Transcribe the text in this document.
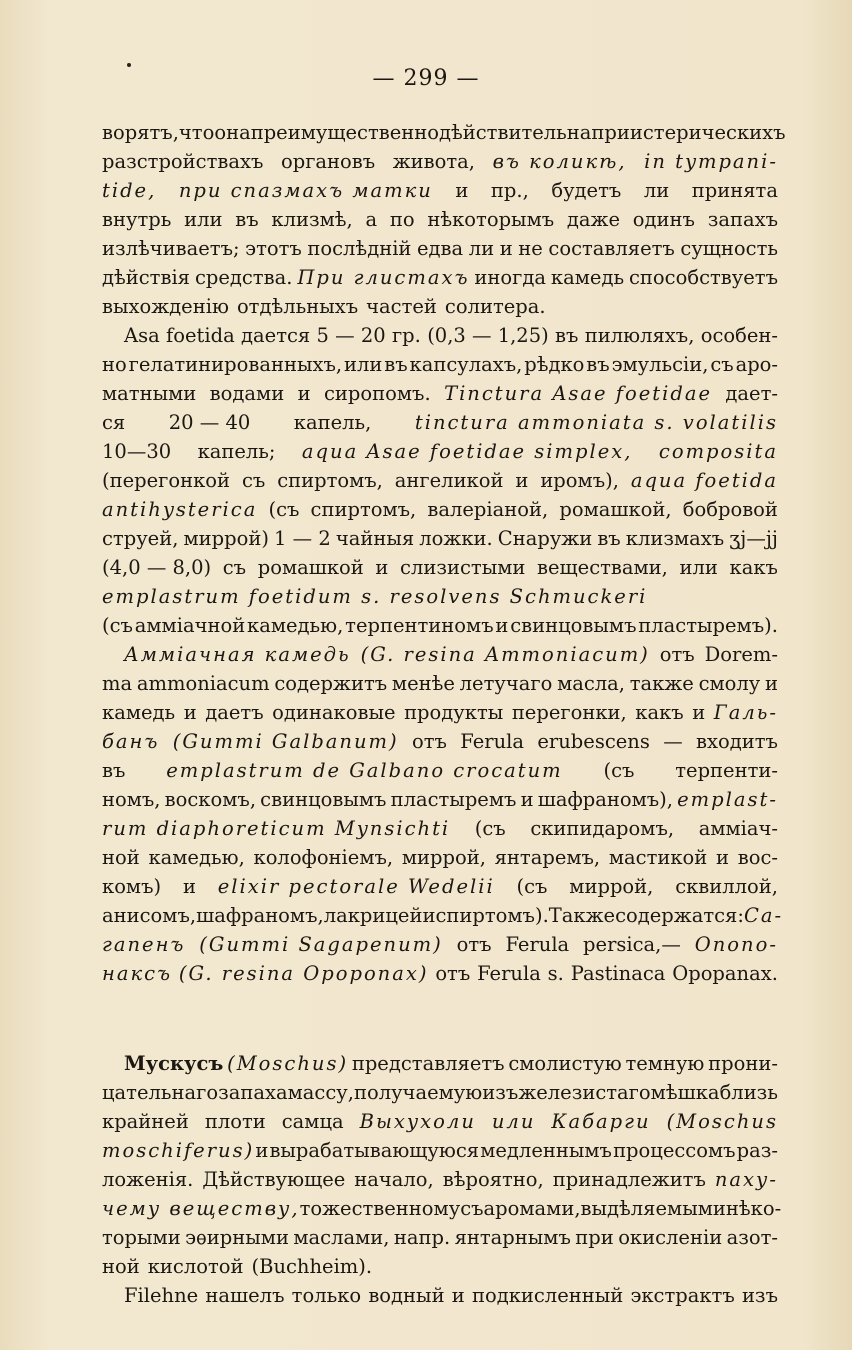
— 299 —
ворятъ, что она преимущественно дѣйствительна при истерическихъ
разстройствахъ органовъ живота, въ коликѣ, in tympani-
tide, при спазмахъ матки и пр., будетъ ли принята
внутрь или въ клизмѣ, а по нѣкоторымъ даже одинъ запахъ
излѣчиваетъ; этотъ послѣднiй едва ли и не составляетъ сущность
дѣйствiя средства. При глистахъ иногда камедь способствуетъ
выхожденiю отдѣльныхъ частей солитера.
Asa foetida дается 5 — 20 гр. (0,3 — 1,25) въ пилюляхъ, особен-
но гелатинированныхъ, или въ капсулахъ, рѣдко въ эмульсiи, съ аро-
матными водами и сиропомъ. Tinctura Asae foetidae дает-
ся 20 — 40 капель, tinctura ammoniata s. volatilis
10—30 капель; aqua Asae foetidae simplex, composita
(перегонкой съ спиртомъ, ангеликой и иромъ), aqua foetida
antihysterica (съ спиртомъ, валерiаной, ромашкой, бобровой
струей, миррой) 1 — 2 чайныя ложки. Снаружи въ клизмахъ ʒj—jj
(4,0 — 8,0) съ ромашкой и слизистыми веществами, или какъ
emplastrum foetidum s. resolvens Schmuckeri
(съ амміачной камедью, терпентиномъ и свинцовымъ пластыремъ).
Амміачная камедь (G. resina Ammoniacum) отъ Dorem-
ma ammoniacum содержитъ менѣе летучаго масла, также смолу и
камедь и даетъ одинаковые продукты перегонки, какъ и Галь-
банъ (Gummi Galbanum) отъ Ferula erubescens — входитъ
въ emplastrum de Galbano crocatum (съ терпенти-
номъ, воскомъ, свинцовымъ пластыремъ и шафраномъ), emplast-
rum diaphoreticum Mynsichti (съ скипидаромъ, амміач-
ной камедью, колофонiемъ, миррой, янтаремъ, мастикой и вос-
комъ) и elixir pectorale Wedelii (съ миррой, сквиллой,
анисомъ, шафраномъ, лакрицей и спиртомъ). Также содержатся: Са-
гапенъ (Gummi Sagapenum) отъ Ferula persica,— Опопо-
наксъ (G. resina Opoponax) отъ Ferula s. Pastinaca Opopanax.
Мускусъ (Moschus) представляетъ смолистую темную прони-
цательнаго запаха массу, получаемую изъ железистаго мѣшка близь
крайней плоти самца Выхухоли или Кабарги (Moschus
moschiferus) и вырабатывающуюся медленнымъ процессомъ раз-
ложенiя. Дѣйствующее начало, вѣроятно, принадлежитъ паху-
чему веществу, тожественному съ аромами, выдѣляемыми нѣко-
торыми эѳирными маслами, напр. янтарнымъ при окисленiи азот-
ной кислотой (Buchheim).
Filehne нашелъ только водный и подкисленный экстрактъ изъ
